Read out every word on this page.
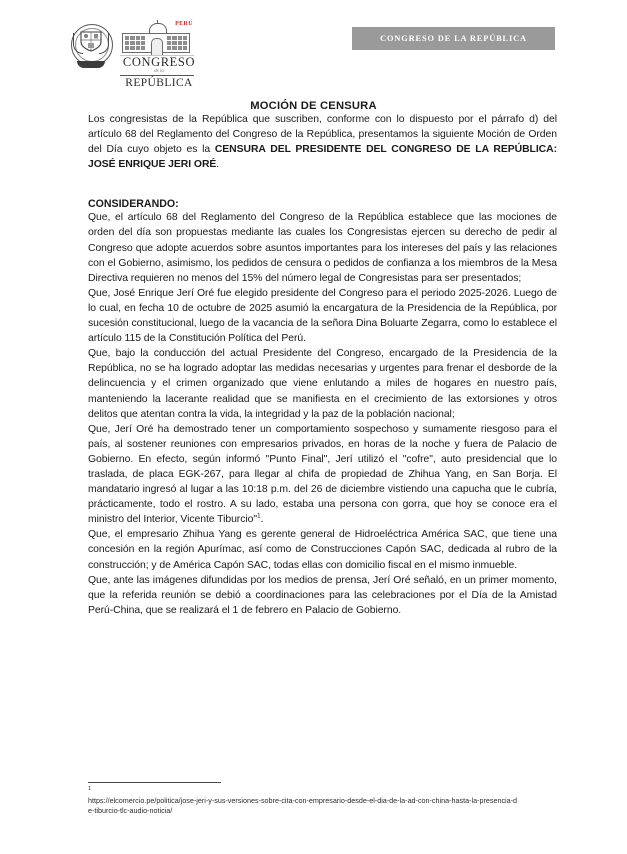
PERÚ
CONGRESO
de la
REPÚBLICA
CONGRESO DE LA REPÚBLICA
MOCIÓN DE CENSURA

Los congresistas de la República que suscriben, conforme con lo dispuesto por el párrafo d) del artículo 68 del Reglamento del Congreso de la República, presentamos la siguiente Moción de Orden del Día cuyo objeto es la CENSURA DEL PRESIDENTE DEL CONGRESO DE LA REPÚBLICA: JOSÉ ENRIQUE JERI ORÉ.

CONSIDERANDO:

Que, el artículo 68 del Reglamento del Congreso de la República establece que las mociones de orden del día son propuestas mediante las cuales los Congresistas ejercen su derecho de pedir al Congreso que adopte acuerdos sobre asuntos importantes para los intereses del país y las relaciones con el Gobierno, asimismo, los pedidos de censura o pedidos de confianza a los miembros de la Mesa Directiva requieren no menos del 15% del número legal de Congresistas para ser presentados;

Que, José Enrique Jerí Oré fue elegido presidente del Congreso para el periodo 2025-2026. Luego de lo cual, en fecha 10 de octubre de 2025 asumió la encargatura de la Presidencia de la República, por sucesión constitucional, luego de la vacancia de la señora Dina Boluarte Zegarra, como lo establece el artículo 115 de la Constitución Política del Perú.

Que, bajo la conducción del actual Presidente del Congreso, encargado de la Presidencia de la República, no se ha logrado adoptar las medidas necesarias y urgentes para frenar el desborde de la delincuencia y el crimen organizado que viene enlutando a miles de hogares en nuestro país, manteniendo la lacerante realidad que se manifiesta en el crecimiento de las extorsiones y otros delitos que atentan contra la vida, la integridad y la paz de la población nacional;

Que, Jerí Oré ha demostrado tener un comportamiento sospechoso y sumamente riesgoso para el país, al sostener reuniones con empresarios privados, en horas de la noche y fuera de Palacio de Gobierno. En efecto, según informó "Punto Final", Jerí utilizó el "cofre", auto presidencial que lo traslada, de placa EGK-267, para llegar al chifa de propiedad de Zhihua Yang, en San Borja. El mandatario ingresó al lugar a las 10:18 p.m. del 26 de diciembre vistiendo una capucha que le cubría, prácticamente, todo el rostro. A su lado, estaba una persona con gorra, que hoy se conoce era el ministro del Interior, Vicente Tiburcio"$^1$.

Que, el empresario Zhihua Yang es gerente general de Hidroeléctrica América SAC, que tiene una concesión en la región Apurímac, así como de Construcciones Capón SAC, dedicada al rubro de la construcción; y de América Capón SAC, todas ellas con domicilio fiscal en el mismo inmueble.

Que, ante las imágenes difundidas por los medios de prensa, Jerí Oré señaló, en un primer momento, que la referida reunión se debió a coordinaciones para las celebraciones por el Día de la Amistad Perú-China, que se realizará el 1 de febrero en Palacio de Gobierno.

1
https://elcomercio.pe/politica/jose-jeri-y-sus-versiones-sobre-cita-con-empresario-desde-el-dia-de-la-ad-con-china-hasta-la-presencia-de-tiburcio-tlc-audio-noticia/
